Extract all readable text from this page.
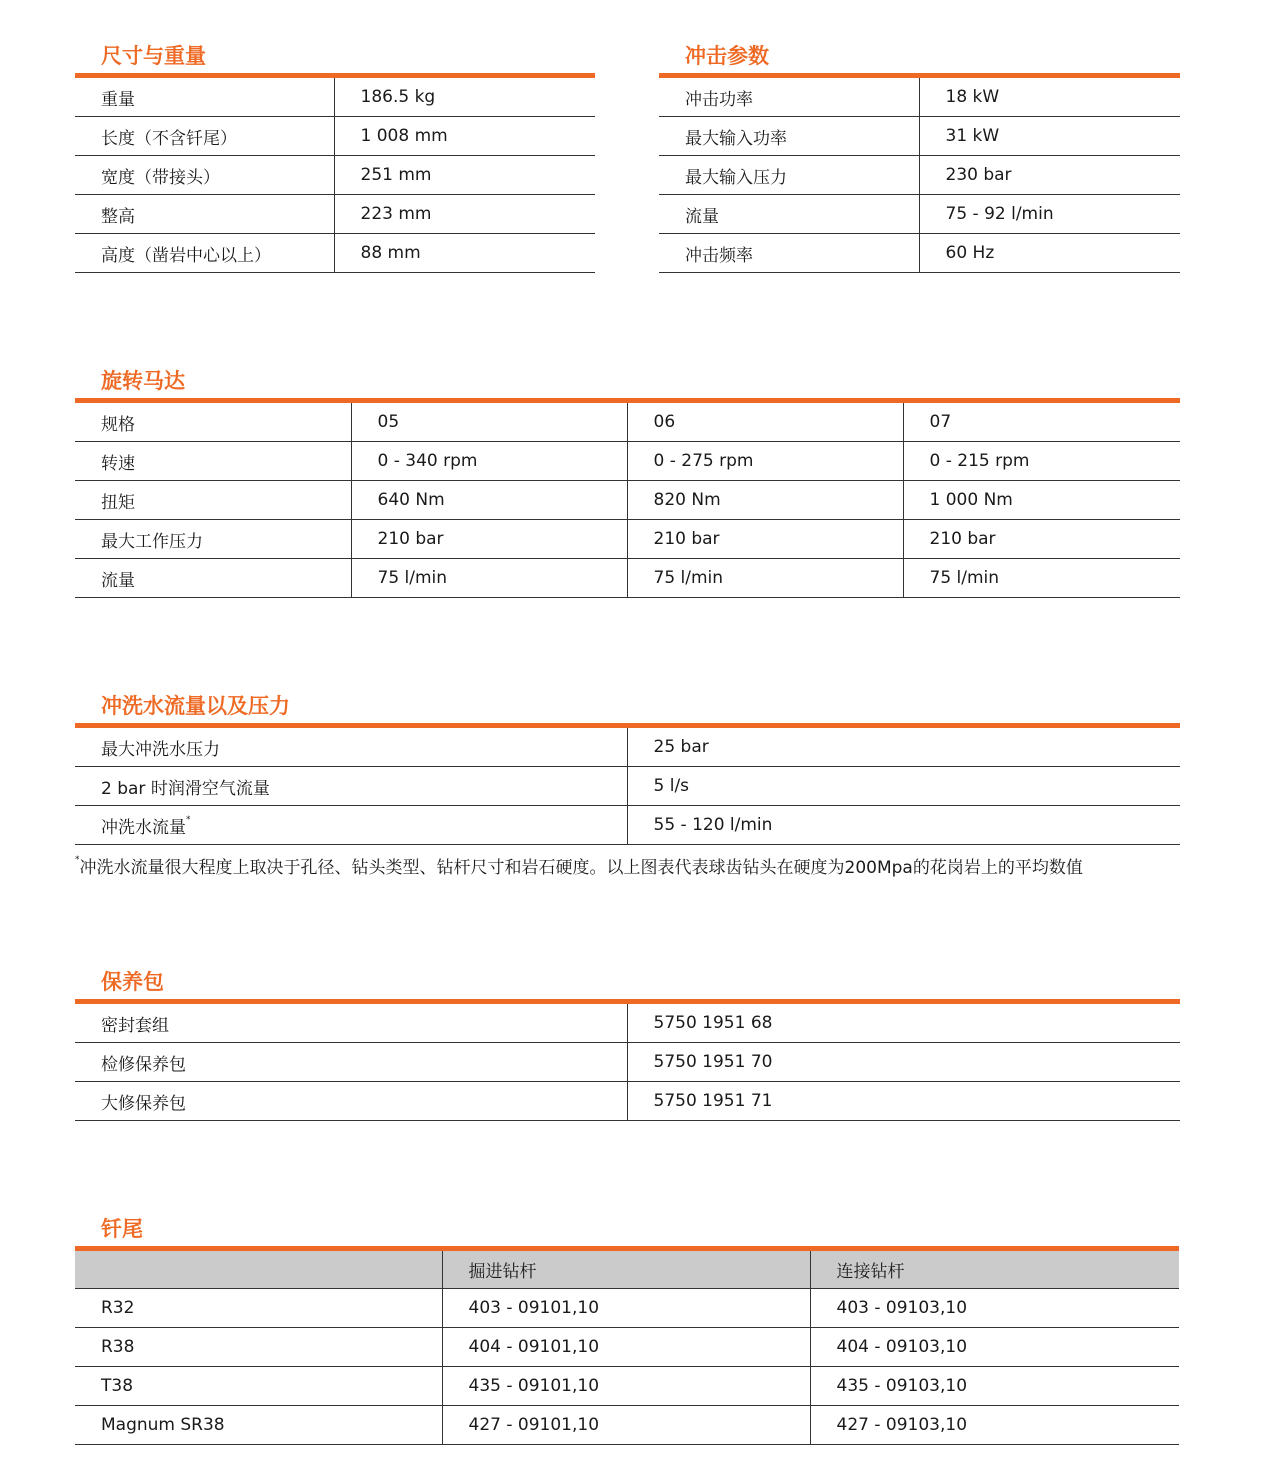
尺寸与重量
重量	186.5 kg
长度（不含钎尾）	1 008 mm
宽度（带接头）	251 mm
整高	223 mm
高度（凿岩中心以上）	88 mm
冲击参数
冲击功率	18 kW
最大输入功率	31 kW
最大输入压力	230 bar
流量	75 - 92 l/min
冲击频率	60 Hz
旋转马达
规格	05	06	07
转速	0 - 340 rpm	0 - 275 rpm	0 - 215 rpm
扭矩	640 Nm	820 Nm	1 000 Nm
最大工作压力	210 bar	210 bar	210 bar
流量	75 l/min	75 l/min	75 l/min
冲洗水流量以及压力
最大冲洗水压力	25 bar
2 bar 时润滑空气流量	5 l/s
冲洗水流量*	55 - 120 l/min
*冲洗水流量很大程度上取决于孔径、钻头类型、钻杆尺寸和岩石硬度。以上图表代表球齿钻头在硬度为200Mpa的花岗岩上的平均数值
保养包
密封套组	5750 1951 68
检修保养包	5750 1951 70
大修保养包	5750 1951 71
钎尾
	掘进钻杆	连接钻杆
R32	403 - 09101,10	403 - 09103,10
R38	404 - 09101,10	404 - 09103,10
T38	435 - 09101,10	435 - 09103,10
Magnum SR38	427 - 09101,10	427 - 09103,10
